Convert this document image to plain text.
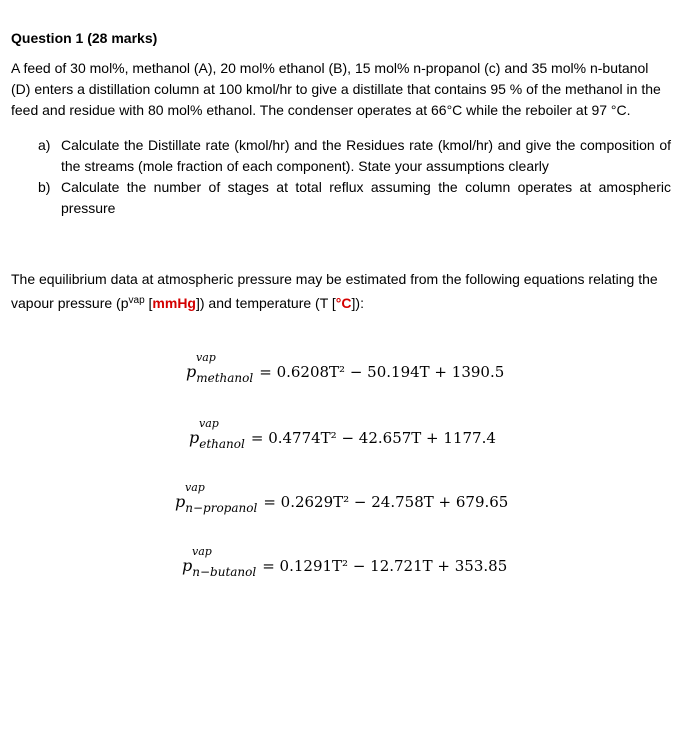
Question 1 (28 marks)

A feed of 30 mol%, methanol (A), 20 mol% ethanol (B), 15 mol% n-propanol (c) and 35 mol% n-butanol (D) enters a distillation column at 100 kmol/hr to give a distillate that contains 95 % of the methanol in the feed and residue with 80 mol% ethanol. The condenser operates at 66°C while the reboiler at 97 °C.

a) Calculate the Distillate rate (kmol/hr) and the Residues rate (kmol/hr) and give the composition of the streams (mole fraction of each component). State your assumptions clearly
b) Calculate the number of stages at total reflux assuming the column operates at amospheric pressure

The equilibrium data at atmospheric pressure may be estimated from the following equations relating the vapour pressure ($p^{vap}$ [mmHg]) and temperature (T [°C]):

p
vap
methanol = 0.6208T² − 50.194T + 1390.5
p
vap
ethanol = 0.4774T² − 42.657T + 1177.4
p
vap
n−propanol = 0.2629T² − 24.758T + 679.65
p
vap
n−butanol = 0.1291T² − 12.721T + 353.85
